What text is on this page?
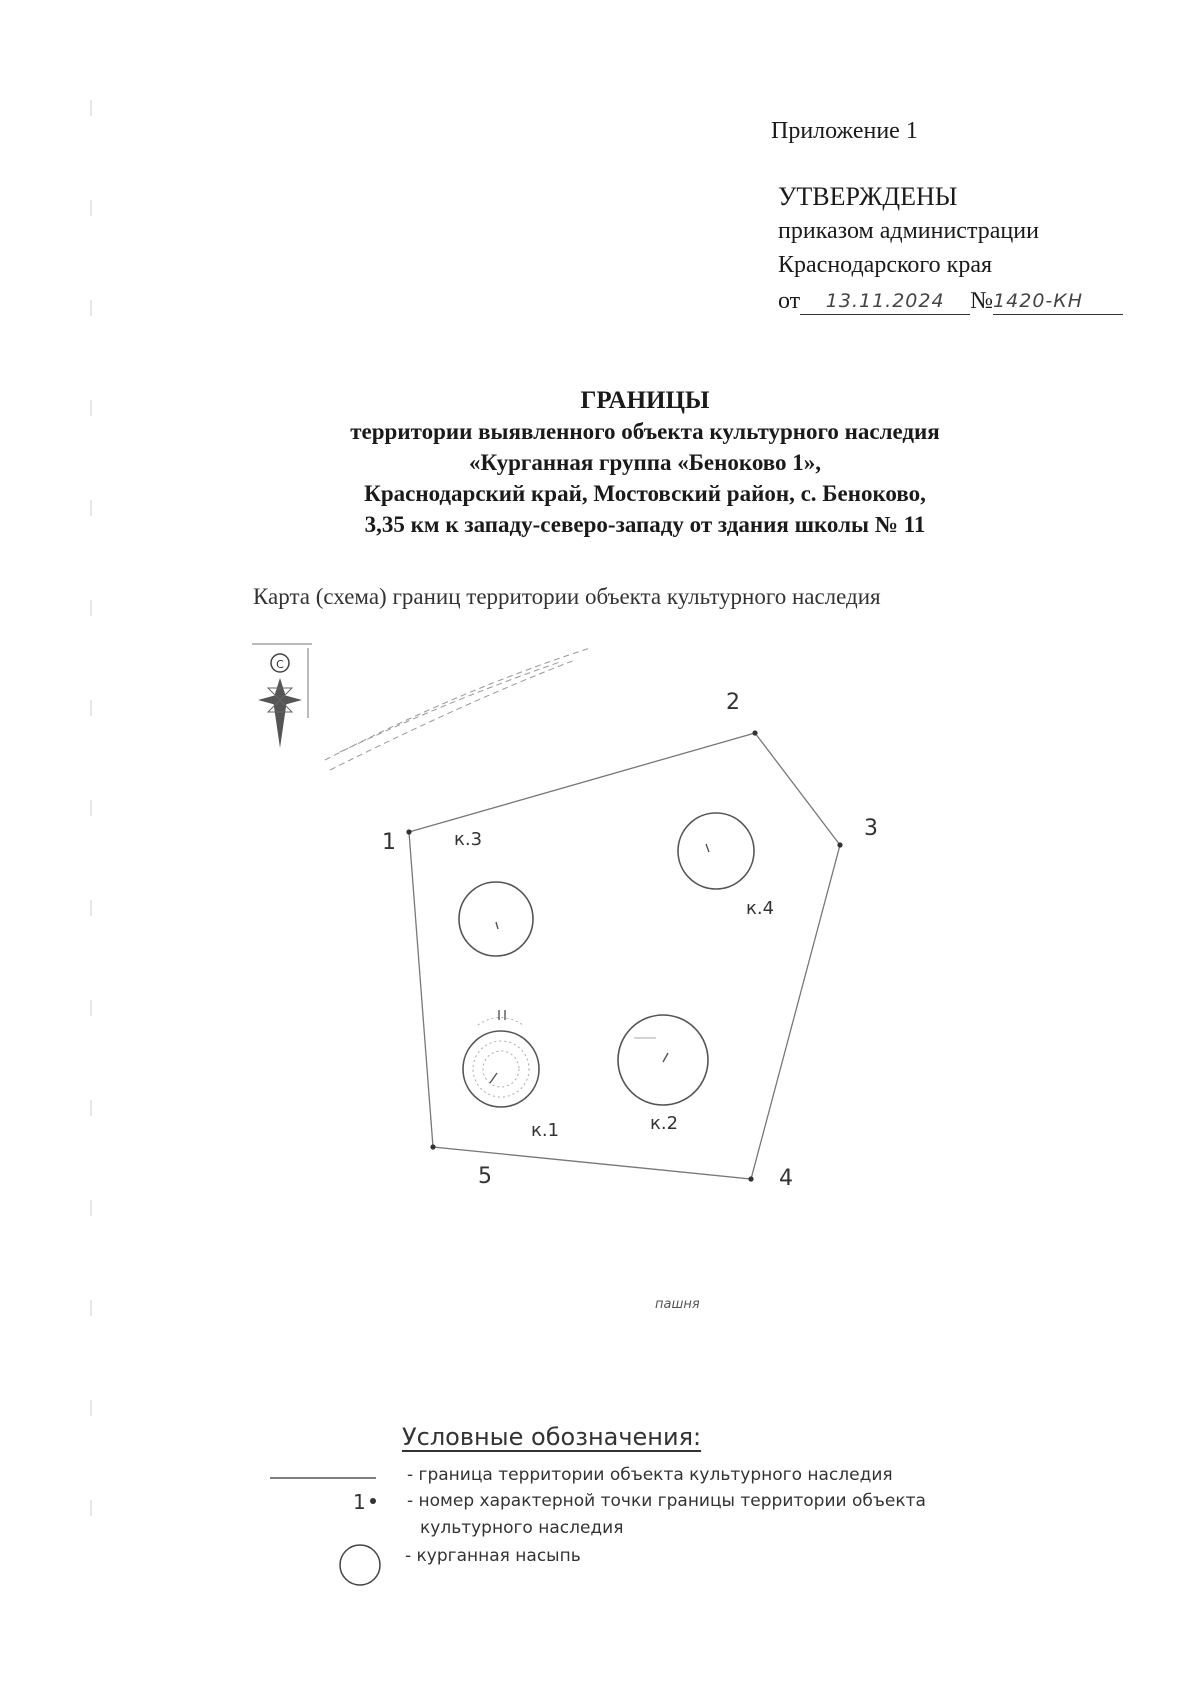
Приложение 1
УТВЕРЖДЕНЫ
приказом администрации
Краснодарского края
от 13.11.2024 №1420-КН
ГРАНИЦЫ
территории выявленного объекта культурного наследия
«Курганная группа «Беноково 1»,
Краснодарский край, Мостовский район, с. Беноково,
3,35 км к западу-северо-западу от здания школы № 11
Карта (схема) границ территории объекта культурного наследия
С
1
2
3
4
5
к.1	к.2
к.3
к.4
пашня
Условные обозначения:
1
- граница территории объекта культурного наследия
- номер характерной точки границы территории объекта
культурного наследия
- курганная насыпь
